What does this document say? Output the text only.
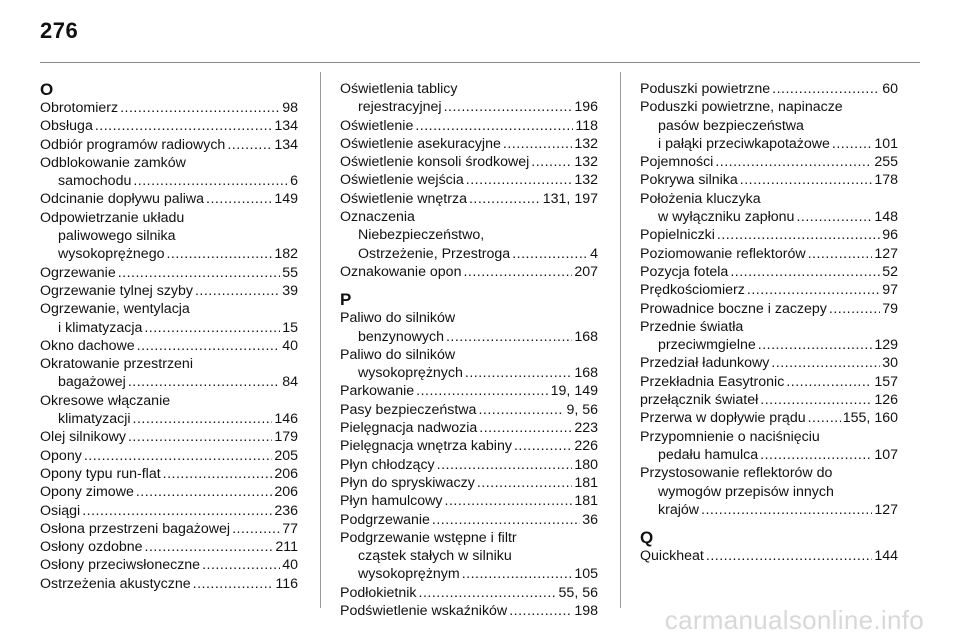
276
O
Obrotomierz .....	98
Obsługa .....	134
Odbiór programów radiowych .....	134
Odblokowanie zamków
samochodu .....	6
Odcinanie dopływu paliwa .....	149
Odpowietrzanie układu
paliwowego silnika
wysokoprężnego .....	182
Ogrzewanie .....	55
Ogrzewanie tylnej szyby .....	39
Ogrzewanie, wentylacja
i klimatyzacja .....	15
Okno dachowe .....	40
Okratowanie przestrzeni
bagażowej .....	84
Okresowe włączanie
klimatyzacji .....	146
Olej silnikowy .....	179
Opony .....	205
Opony typu run-flat .....	206
Opony zimowe .....	206
Osiągi .....	236
Osłona przestrzeni bagażowej .....	77
Osłony ozdobne .....	211
Osłony przeciwsłoneczne .....	40
Ostrzeżenia akustyczne .....	116
Oświetlenia tablicy
rejestracyjnej .....	196
Oświetlenie .....	118
Oświetlenie asekuracyjne .....	132
Oświetlenie konsoli środkowej .....	132
Oświetlenie wejścia .....	132
Oświetlenie wnętrza .....	131, 197
Oznaczenia
Niebezpieczeństwo,
Ostrzeżenie, Przestroga .....	4
Oznakowanie opon .....	207
P
Paliwo do silników
benzynowych .....	168
Paliwo do silników
wysokoprężnych .....	168
Parkowanie .....	19, 149
Pasy bezpieczeństwa .....	9, 56
Pielęgnacja nadwozia .....	223
Pielęgnacja wnętrza kabiny .....	226
Płyn chłodzący .....	180
Płyn do spryskiwaczy .....	181
Płyn hamulcowy .....	181
Podgrzewanie .....	36
Podgrzewanie wstępne i filtr
cząstek stałych w silniku
wysokoprężnym .....	105
Podłokietnik .....	55, 56
Podświetlenie wskaźników .....	198
Poduszki powietrzne .....	60
Poduszki powietrzne, napinacze
pasów bezpieczeństwa
i pałąki przeciwkapotażowe .....	101
Pojemności .....	255
Pokrywa silnika .....	178
Położenia kluczyka
w wyłączniku zapłonu .....	148
Popielniczki .....	96
Poziomowanie reflektorów .....	127
Pozycja fotela .....	52
Prędkościomierz .....	97
Prowadnice boczne i zaczepy .....	79
Przednie światła
przeciwmgielne .....	129
Przedział ładunkowy .....	30
Przekładnia Easytronic .....	157
przełącznik świateł .....	126
Przerwa w dopływie prądu .....	155, 160
Przypomnienie o naciśnięciu
pedału hamulca .....	107
Przystosowanie reflektorów do
wymogów przepisów innych
krajów .....	127
Q
Quickheat .....	144
carmanualsonline.info
